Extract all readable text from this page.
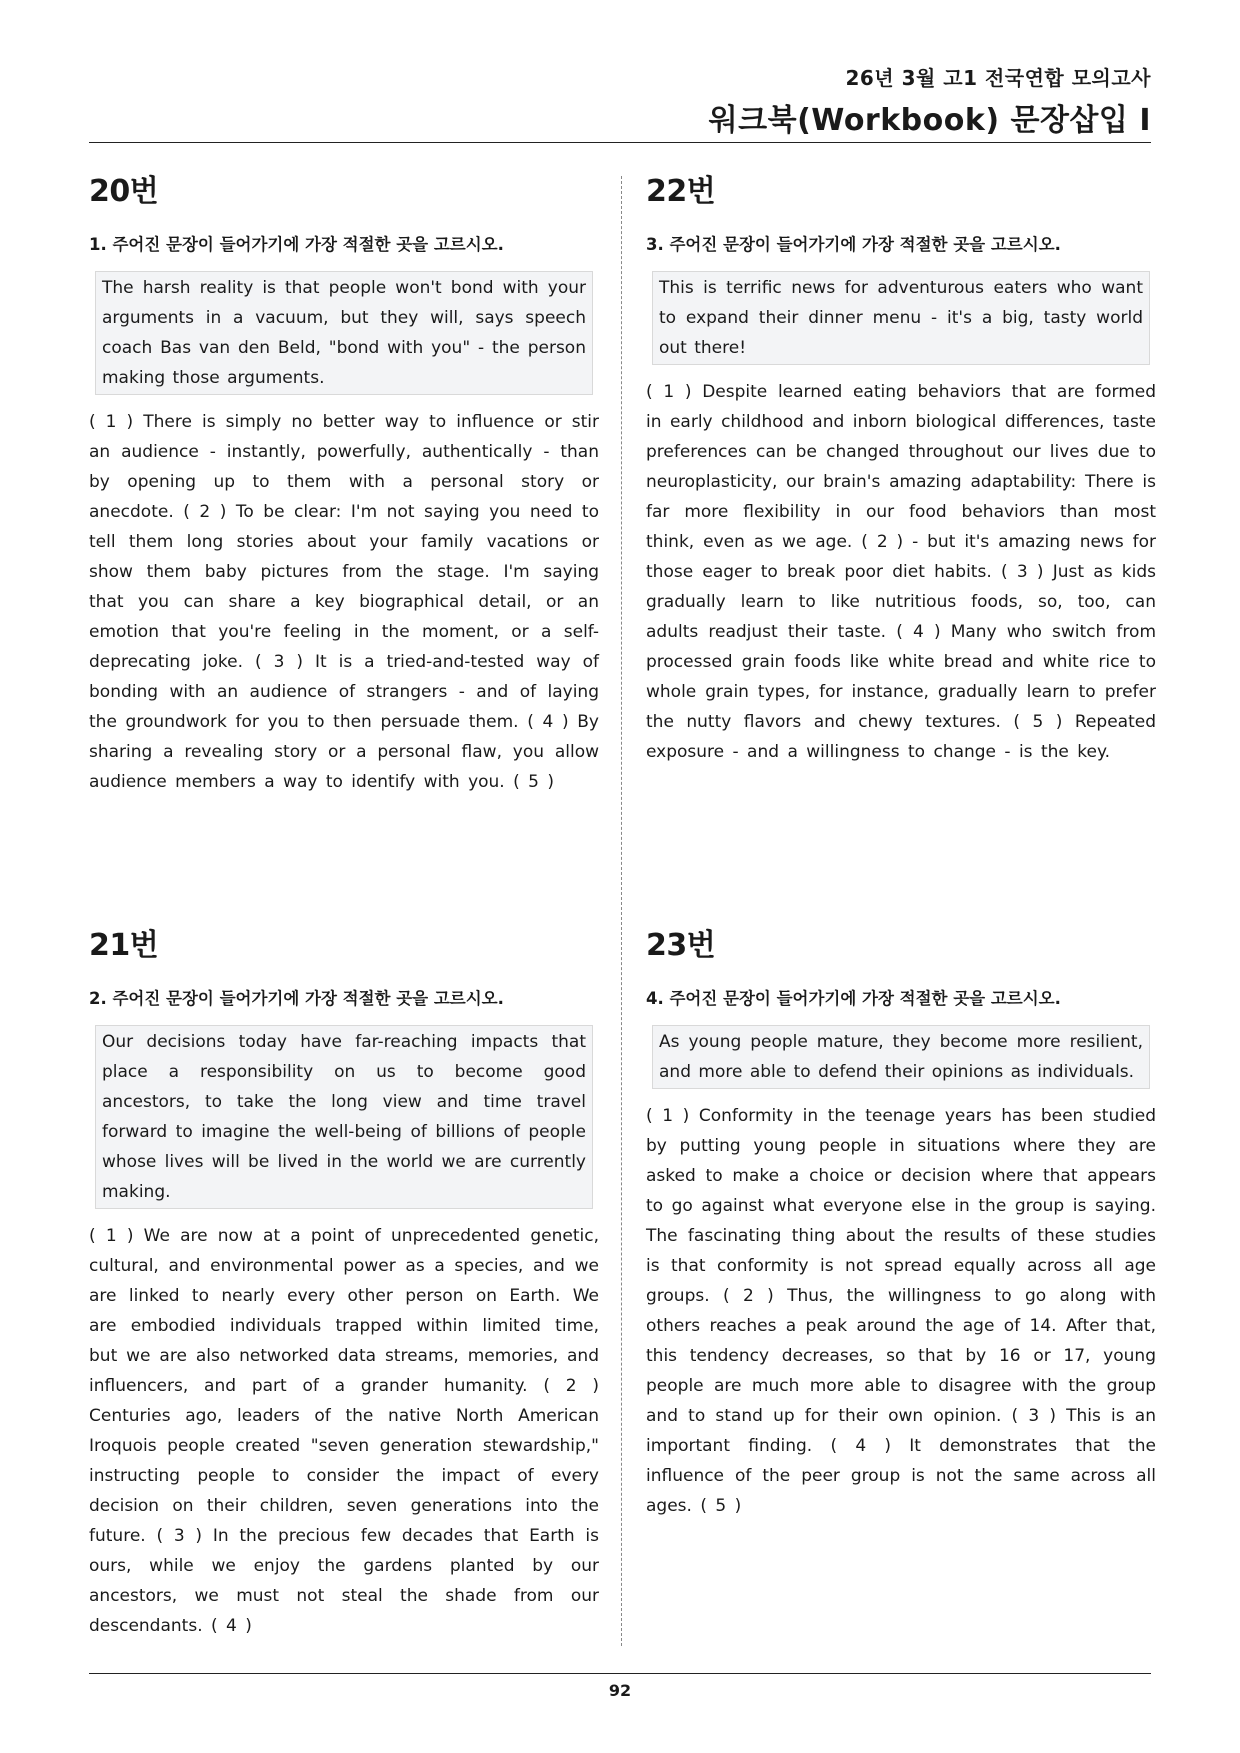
26년 3월 고1 전국연합 모의고사
워크북(Workbook) 문장삽입 I
20번

1. 주어진 문장이 들어가기에 가장 적절한 곳을 고르시오.

The harsh reality is that people won't bond with your arguments in a vacuum, but they will, says speech coach Bas van den Beld, "bond with you" - the person making those arguments.

( 1 ) There is simply no better way to influence or stir an audience - instantly, powerfully, authentically - than by opening up to them with a personal story or anecdote. ( 2 ) To be clear: I'm not saying you need to tell them long stories about your family vacations or show them baby pictures from the stage. I'm saying that you can share a key biographical detail, or an emotion that you're feeling in the moment, or a self-deprecating joke. ( 3 ) It is a tried-and-tested way of bonding with an audience of strangers - and of laying the groundwork for you to then persuade them. ( 4 ) By sharing a revealing story or a personal flaw, you allow audience members a way to identify with you. ( 5 )

22번

3. 주어진 문장이 들어가기에 가장 적절한 곳을 고르시오.

This is terrific news for adventurous eaters who want to expand their dinner menu - it's a big, tasty world out there!

( 1 ) Despite learned eating behaviors that are formed in early childhood and inborn biological differences, taste preferences can be changed throughout our lives due to neuroplasticity, our brain's amazing adaptability: There is far more flexibility in our food behaviors than most think, even as we age. ( 2 ) - but it's amazing news for those eager to break poor diet habits. ( 3 ) Just as kids gradually learn to like nutritious foods, so, too, can adults readjust their taste. ( 4 ) Many who switch from processed grain foods like white bread and white rice to whole grain types, for instance, gradually learn to prefer the nutty flavors and chewy textures. ( 5 ) Repeated exposure - and a willingness to change - is the key.

21번

2. 주어진 문장이 들어가기에 가장 적절한 곳을 고르시오.

Our decisions today have far-reaching impacts that place a responsibility on us to become good ancestors, to take the long view and time travel forward to imagine the well-being of billions of people whose lives will be lived in the world we are currently making.

( 1 ) We are now at a point of unprecedented genetic, cultural, and environmental power as a species, and we are linked to nearly every other person on Earth. We are embodied individuals trapped within limited time, but we are also networked data streams, memories, and influencers, and part of a grander humanity. ( 2 ) Centuries ago, leaders of the native North American Iroquois people created "seven generation stewardship," instructing people to consider the impact of every decision on their children, seven generations into the future. ( 3 ) In the precious few decades that Earth is ours, while we enjoy the gardens planted by our ancestors, we must not steal the shade from our descendants. ( 4 )

23번

4. 주어진 문장이 들어가기에 가장 적절한 곳을 고르시오.

As young people mature, they become more resilient, and more able to defend their opinions as individuals.

( 1 ) Conformity in the teenage years has been studied by putting young people in situations where they are asked to make a choice or decision where that appears to go against what everyone else in the group is saying. The fascinating thing about the results of these studies is that conformity is not spread equally across all age groups. ( 2 ) Thus, the willingness to go along with others reaches a peak around the age of 14. After that, this tendency decreases, so that by 16 or 17, young people are much more able to disagree with the group and to stand up for their own opinion. ( 3 ) This is an important finding. ( 4 ) It demonstrates that the influence of the peer group is not the same across all ages. ( 5 )

92
